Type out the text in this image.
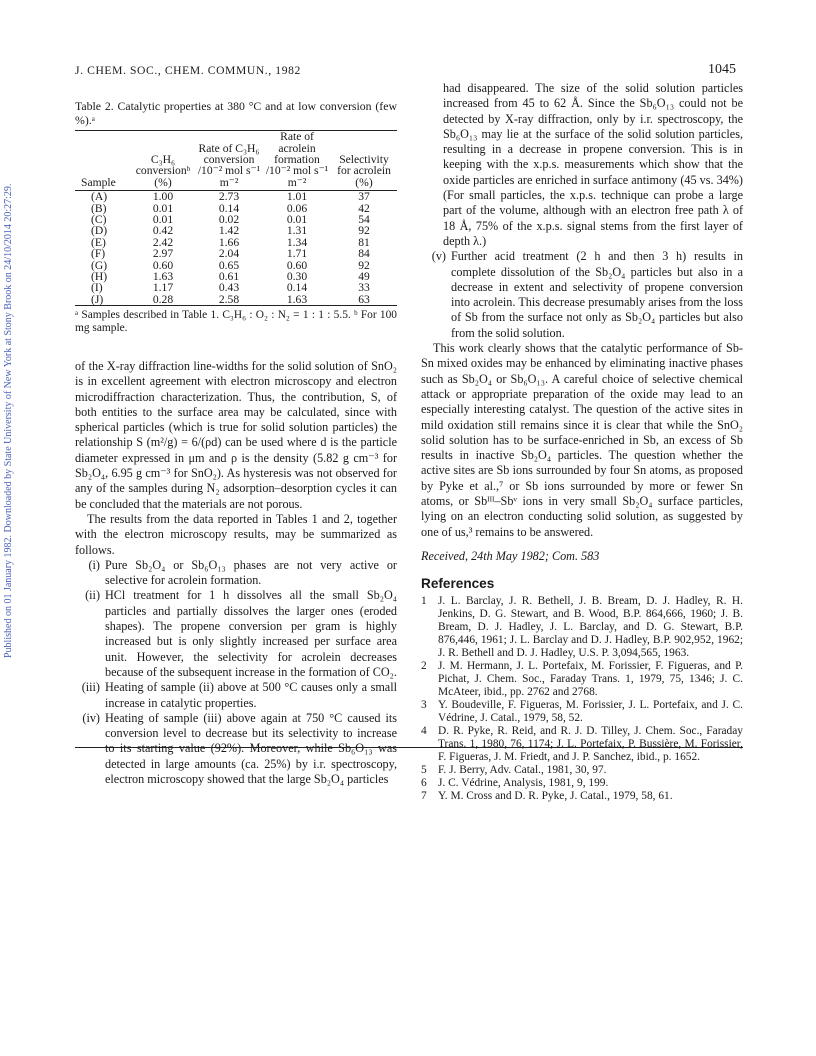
Published on 01 January 1982. Downloaded by State University of New York at Stony Brook on 24/10/2014 20:27:29.
J. CHEM. SOC., CHEM. COMMUN., 1982	1045

Table 2. Catalytic properties at 380 °C and at low conversion (few %).ᵃ

Sample	C₃H₆ conversionᵇ (%)	Rate of C₃H₆ conversion /10⁻² mol s⁻¹ m⁻²	Rate of acrolein formation /10⁻² mol s⁻¹ m⁻²	Selectivity for acrolein (%)
(A)	1.00	2.73	1.01	37
(B)	0.01	0.14	0.06	42
(C)	0.01	0.02	0.01	54
(D)	0.42	1.42	1.31	92
(E)	2.42	1.66	1.34	81
(F)	2.97	2.04	1.71	84
(G)	0.60	0.65	0.60	92
(H)	1.63	0.61	0.30	49
(I)	1.17	0.43	0.14	33
(J)	0.28	2.58	1.63	63

ᵃ Samples described in Table 1. C₃H₆ : O₂ : N₂ = 1 : 1 : 5.5. ᵇ For 100 mg sample.

of the X-ray diffraction line-widths for the solid solution of SnO₂ is in excellent agreement with electron microscopy and electron microdiffraction characterization. Thus, the contribution, S, of both entities to the surface area may be calculated, since with spherical particles (which is true for solid solution particles) the relationship S (m²/g) = 6/(ρd) can be used where d is the particle diameter expressed in μm and ρ is the density (5.82 g cm⁻³ for Sb₂O₄, 6.95 g cm⁻³ for SnO₂). As hysteresis was not observed for any of the samples during N₂ adsorption–desorption cycles it can be concluded that the materials are not porous.

The results from the data reported in Tables 1 and 2, together with the electron microscopy results, may be summarized as follows.

(i) Pure Sb₂O₄ or Sb₆O₁₃ phases are not very active or selective for acrolein formation.
(ii) HCl treatment for 1 h dissolves all the small Sb₂O₄ particles and partially dissolves the larger ones (eroded shapes). The propene conversion per gram is highly increased but is only slightly increased per surface area unit. However, the selectivity for acrolein decreases because of the subsequent increase in the formation of CO₂.
(iii) Heating of sample (ii) above at 500 °C causes only a small increase in catalytic properties.
(iv) Heating of sample (iii) above again at 750 °C caused its conversion level to decrease but its selectivity to increase to its starting value (92%). Moreover, while Sb₆O₁₃ was detected in large amounts (ca. 25%) by i.r. spectroscopy, electron microscopy showed that the large Sb₂O₄ particles

had disappeared. The size of the solid solution particles increased from 45 to 62 Å. Since the Sb₆O₁₃ could not be detected by X-ray diffraction, only by i.r. spectroscopy, the Sb₆O₁₃ may lie at the surface of the solid solution particles, resulting in a decrease in propene conversion. This is in keeping with the x.p.s. measurements which show that the oxide particles are enriched in surface antimony (45 vs. 34%) (For small particles, the x.p.s. technique can probe a large part of the volume, although with an electron free path λ of 18 Å, 75% of the x.p.s. signal stems from the first layer of depth λ.)

(v) Further acid treatment (2 h and then 3 h) results in complete dissolution of the Sb₂O₄ particles but also in a decrease in extent and selectivity of propene conversion into acrolein. This decrease presumably arises from the loss of Sb from the surface not only as Sb₂O₄ particles but also from the solid solution.

This work clearly shows that the catalytic performance of Sb-Sn mixed oxides may be enhanced by eliminating inactive phases such as Sb₂O₄ or Sb₆O₁₃. A careful choice of selective chemical attack or appropriate preparation of the oxide may lead to an especially interesting catalyst. The question of the active sites in mild oxidation still remains since it is clear that while the SnO₂ solid solution has to be surface-enriched in Sb, an excess of Sb results in inactive Sb₂O₄ particles. The question whether the active sites are Sb ions surrounded by four Sn atoms, as proposed by Pyke et al.,⁷ or Sb ions surrounded by more or fewer Sn atoms, or Sbᴵᴵᴵ–Sbᵛ ions in very small Sb₂O₄ surface particles, lying on an electron conducting solid solution, as suggested by one of us,³ remains to be answered.

Received, 24th May 1982; Com. 583

References
1 J. L. Barclay, J. R. Bethell, J. B. Bream, D. J. Hadley, R. H. Jenkins, D. G. Stewart, and B. Wood, B.P. 864,666, 1960; J. B. Bream, D. J. Hadley, J. L. Barclay, and D. G. Stewart, B.P. 876,446, 1961; J. L. Barclay and D. J. Hadley, B.P. 902,952, 1962; J. R. Bethell and D. J. Hadley, U.S. P. 3,094,565, 1963.
2 J. M. Hermann, J. L. Portefaix, M. Forissier, F. Figueras, and P. Pichat, J. Chem. Soc., Faraday Trans. 1, 1979, 75, 1346; J. C. McAteer, ibid., pp. 2762 and 2768.
3 Y. Boudeville, F. Figueras, M. Forissier, J. L. Portefaix, and J. C. Védrine, J. Catal., 1979, 58, 52.
4 D. R. Pyke, R. Reid, and R. J. D. Tilley, J. Chem. Soc., Faraday Trans. 1, 1980, 76, 1174; J. L. Portefaix, P. Bussière, M. Forissier, F. Figueras, J. M. Friedt, and J. P. Sanchez, ibid., p. 1652.
5 F. J. Berry, Adv. Catal., 1981, 30, 97.
6 J. C. Védrine, Analysis, 1981, 9, 199.
7 Y. M. Cross and D. R. Pyke, J. Catal., 1979, 58, 61.
